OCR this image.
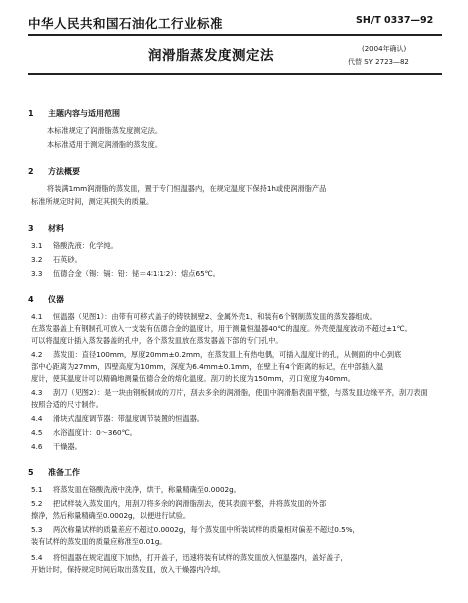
中华人民共和国石油化工行业标准	SH/T 0337—92
润滑脂蒸发度测定法	(2004年确认)
代替 SY 2723—82
1 主题内容与适用范围
本标准规定了润滑脂蒸发度测定法。
本标准适用于测定润滑脂的蒸发度。
2 方法概要
将装满1mm润滑脂的蒸发皿，置于专门恒温器内，在规定温度下保持1h或使润滑脂产品
标准所规定时间，测定其损失的质量。
3 材料
3.1 铬酸洗液：化学纯。
3.2 石英砂。
3.3 伍德合金（锡：镉：铅：铋＝4∶1∶1∶2）：熔点65℃。
4 仪器
4.1 恒温器（见图1）：由带有可移式盖子的铸铁制壁2、金属外壳1、和装有6个钢制蒸发皿的蒸发器组成。
在蒸发器盖上有钢制孔可放入一支装有伍德合金的温度计，用于测量恒温器40℃的温度。外壳使温度波动不超过±1℃。
可以将温度计插入蒸发器盖的孔中，各个蒸发皿放在蒸发器盖下部的专门孔中。
4.2 蒸发皿：直径100mm，厚度20mm±0.2mm，在蒸发皿上有热电偶，可插入温度计的孔，从侧面的中心到底
部中心距离为27mm，四壁高度为10mm，深度为6.4mm±0.1mm，在壁上有4个距离的标记，在中部插入温
度计，使其温度计可以精确地测量伍德合金的熔化温度。刮刀的长度为150mm，刃口宽度为40mm。
4.3 刮刀（见图2）：是一块由钢板制成的刀片，刮去多余的润滑脂，使皿中润滑脂表面平整，与蒸发皿边缘平齐，刮刀表面
按照合适的尺寸制作。
4.4 滑块式温度调节器：带温度调节装置的恒温器。
4.5 水浴温度计：0～360℃。
4.6 干燥器。
5 准备工作
5.1 将蒸发皿在铬酸洗液中洗净，烘干，称量精确至0.0002g。
5.2 把试样装入蒸发皿内，用刮刀将多余的润滑脂刮去，使其表面平整，并将蒸发皿的外部
擦净，然后称量精确至0.0002g，以便进行试验。
5.3 两次称量试样的质量差应不超过0.0002g，每个蒸发皿中所装试样的质量相对偏差不超过0.5%，
装有试样的蒸发皿的质量应称准至0.01g。
5.4 将恒温器在规定温度下加热，打开盖子，迅速将装有试样的蒸发皿放入恒温器内，盖好盖子，
开始计时，保持规定时间后取出蒸发皿，放入干燥器内冷却。
